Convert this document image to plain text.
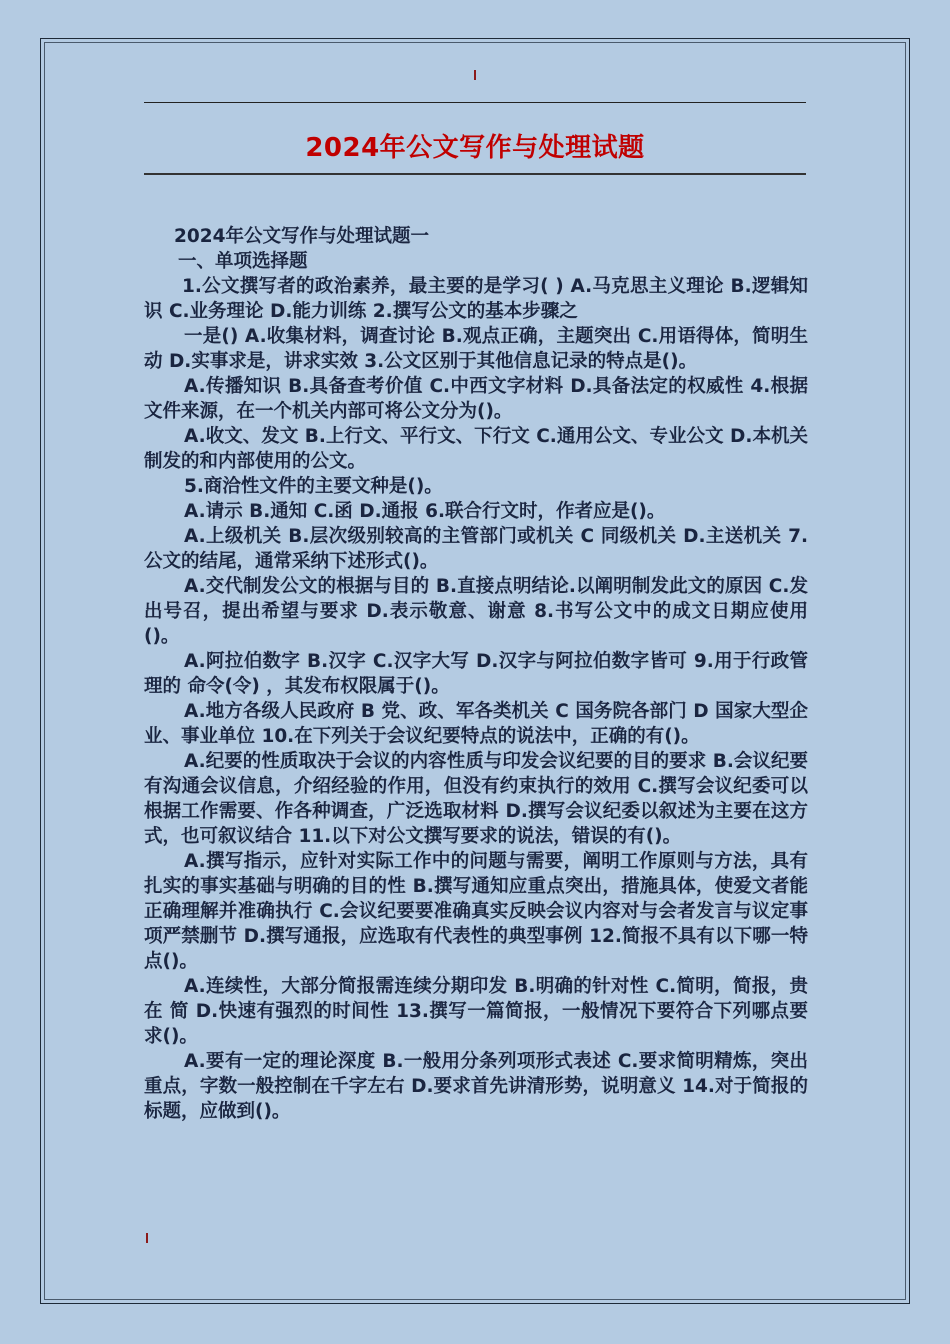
2024年公文写作与处理试题

2024年公文写作与处理试题一

一、单项选择题

1.公文撰写者的政治素养，最主要的是学习( ) A.马克思主义理论 B.逻辑知识 C.业务理论 D.能力训练 2.撰写公文的基本步骤之

一是() A.收集材料，调查讨论 B.观点正确，主题突出 C.用语得体，简明生动 D.实事求是，讲求实效 3.公文区别于其他信息记录的特点是()。

A.传播知识 B.具备查考价值 C.中西文字材料 D.具备法定的权威性 4.根据文件来源，在一个机关内部可将公文分为()。

A.收文、发文 B.上行文、平行文、下行文 C.通用公文、专业公文 D.本机关制发的和内部使用的公文。

5.商洽性文件的主要文种是()。

A.请示 B.通知 C.函 D.通报 6.联合行文时，作者应是()。

A.上级机关 B.层次级别较高的主管部门或机关 C 同级机关 D.主送机关 7.公文的结尾，通常采纳下述形式()。

A.交代制发公文的根据与目的 B.直接点明结论.以阐明制发此文的原因 C.发出号召，提出希望与要求 D.表示敬意、谢意 8.书写公文中的成文日期应使用()。

A.阿拉伯数字 B.汉字 C.汉字大写 D.汉字与阿拉伯数字皆可 9.用于行政管理的 命令(令) ，其发布权限属于()。

A.地方各级人民政府 B 党、政、军各类机关 C 国务院各部门 D 国家大型企业、事业单位 10.在下列关于会议纪要特点的说法中，正确的有()。

A.纪要的性质取决于会议的内容性质与印发会议纪要的目的要求 B.会议纪要有沟通会议信息，介绍经验的作用，但没有约束执行的效用 C.撰写会议纪委可以根据工作需要、作各种调查，广泛选取材料 D.撰写会议纪委以叙述为主要在这方式，也可叙议结合 11.以下对公文撰写要求的说法，错误的有()。

A.撰写指示，应针对实际工作中的问题与需要，阐明工作原则与方法，具有扎实的事实基础与明确的目的性 B.撰写通知应重点突出，措施具体，使爱文者能正确理解并准确执行 C.会议纪要要准确真实反映会议内容对与会者发言与议定事项严禁删节 D.撰写通报，应选取有代表性的典型事例 12.简报不具有以下哪一特点()。

A.连续性，大部分简报需连续分期印发 B.明确的针对性 C.简明，简报，贵在 简 D.快速有强烈的时间性 13.撰写一篇简报，一般情况下要符合下列哪点要求()。

A.要有一定的理论深度 B.一般用分条列项形式表述 C.要求简明精炼，突出重点，字数一般控制在千字左右 D.要求首先讲清形势，说明意义 14.对于简报的标题，应做到()。
